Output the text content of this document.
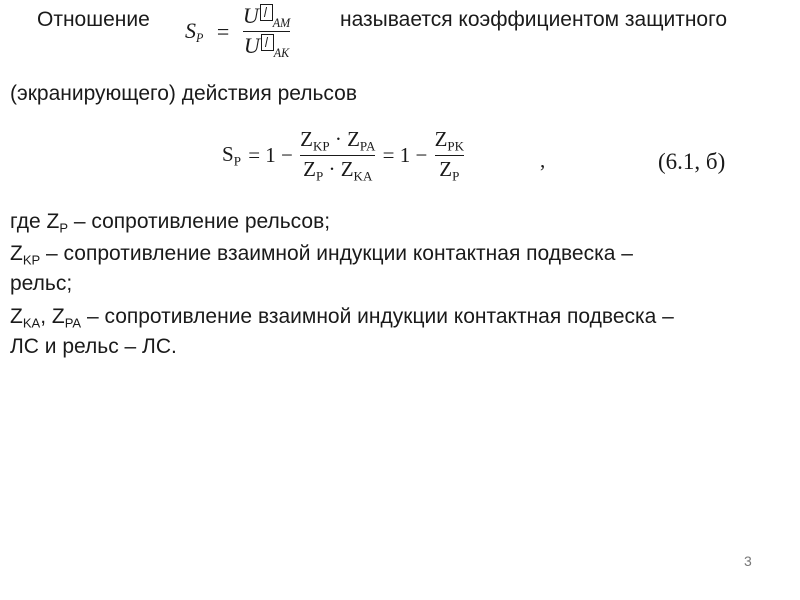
Отношение SP = $\frac{\text{U AM}}{\text{U AK}}$ называется коэффициентом защитного
(экранирующего) действия рельсов
$S_P = 1 - \frac{Z_{KP} \cdot Z_{PA}}{Z_P \cdot Z_{KA}} = 1 - \frac{Z_{PK}}{Z_P}$	,	(6.1, б)
где $Z_P$ – сопротивление рельсов;
$Z_{KP}$ – сопротивление взаимной индукции контактная подвеска –
рельс;
$Z_{KA}$, $Z_{PA}$ – сопротивление взаимной индукции контактная подвеска –
ЛС и рельс – ЛС.
3
